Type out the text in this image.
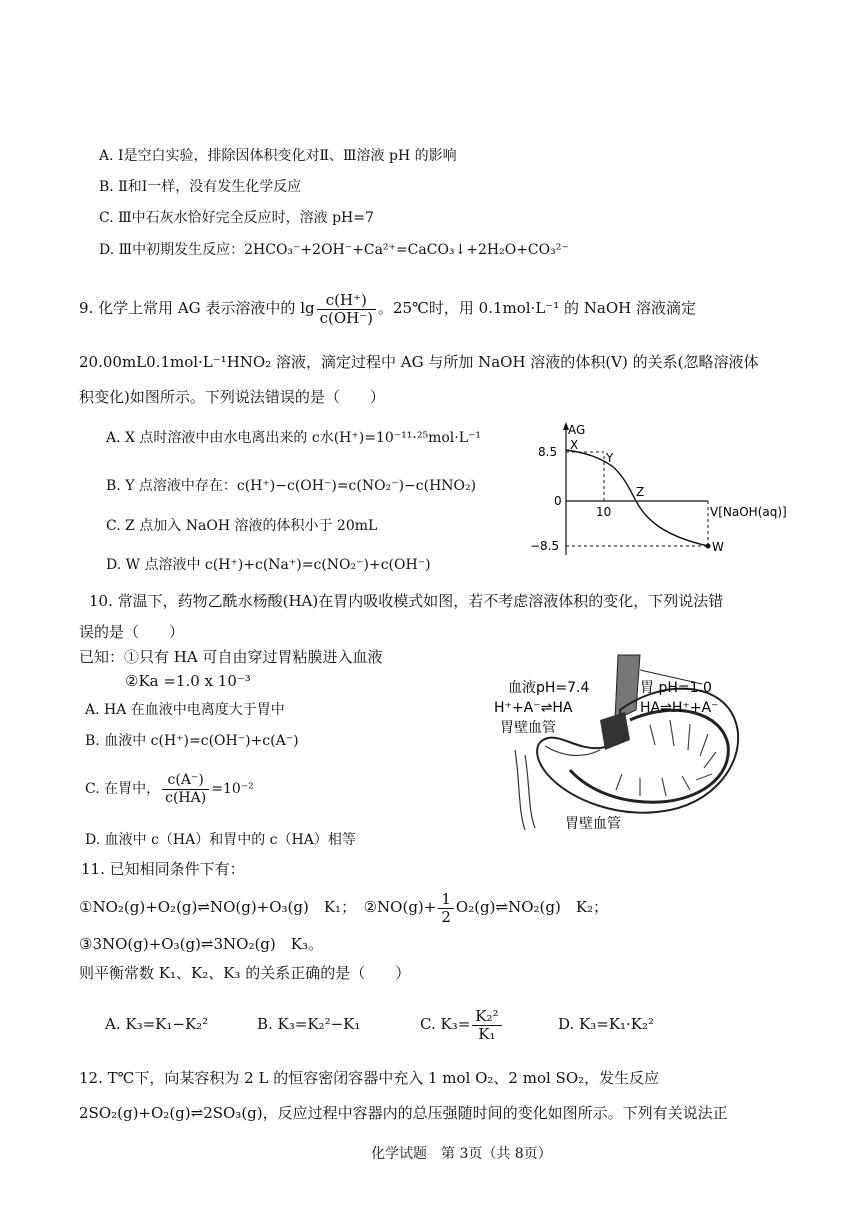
A. Ⅰ是空白实验，排除因体积变化对Ⅱ、Ⅲ溶液 pH 的影响
B. Ⅱ和Ⅰ一样，没有发生化学反应
C. Ⅲ中石灰水恰好完全反应时，溶液 pH=7
D. Ⅲ中初期发生反应：2HCO₃⁻+2OH⁻+Ca²⁺=CaCO₃↓+2H₂O+CO₃²⁻
9. 化学上常用 AG 表示溶液中的 $\lg \frac{c(H^+)}{c(OH^-)}$ 。25℃时，用 0.1mol·L⁻¹ 的 NaOH 溶液滴定
20.00mL0.1mol·L⁻¹HNO₂ 溶液，滴定过程中 AG 与所加 NaOH 溶液的体积(V) 的关系(忽略溶液体
积变化)如图所示。下列说法错误的是（　　）
A. X 点时溶液中由水电离出来的 c水(H⁺)=10⁻¹¹·²⁵mol·L⁻¹
B. Y 点溶液中存在：c(H⁺)−c(OH⁻)=c(NO₂⁻)−c(HNO₂)
C. Z 点加入 NaOH 溶液的体积小于 20mL
D. W 点溶液中 c(H⁺)+c(Na⁺)=c(NO₂⁻)+c(OH⁻)
AG
X
Y
Z
W
8.5
0
−8.5
10	V[NaOH(aq)]
10. 常温下，药物乙酰水杨酸(HA)在胃内吸收模式如图，若不考虑溶液体积的变化，下列说法错
误的是（　　）
已知：①只有 HA 可自由穿过胃粘膜进入血液
②Ka =1.0 x 10⁻³
A. HA 在血液中电离度大于胃中
B. 血液中 c(H⁺)=c(OH⁻)+c(A⁻)
C. 在胃中， $\frac{c(A^-)}{c(HA)} =10^{-2}$
D. 血液中 c（HA）和胃中的 c（HA）相等
血液pH=7.4	胃 pH=1.0
H⁺+A⁻⇌HA	HA⇌H⁺+A⁻
胃壁血管
胃壁血管
11. 已知相同条件下有：
①NO₂(g)+O₂(g)⇌NO(g)+O₃(g)　K₁；　 ②NO(g)+ $\frac{1}{2}$ O₂(g)⇌NO₂(g)　K₂；
③3NO(g)+O₃(g)⇌3NO₂(g)　K₃。
则平衡常数 K₁、K₂、K₃ 的关系正确的是（　　）
A. K₃=K₁−K₂²	B. K₃=K₂²−K₁	C. $K_3= \frac{\text{K₂²}}{\text{K₁}}$	D. K₃=K₁·K₂²
12. T℃下，向某容积为 2 L 的恒容密闭容器中充入 1 mol O₂、2 mol SO₂，发生反应
2SO₂(g)+O₂(g)⇌2SO₃(g)，反应过程中容器内的总压强随时间的变化如图所示。下列有关说法正
化学试题　第 3页（共 8页）
